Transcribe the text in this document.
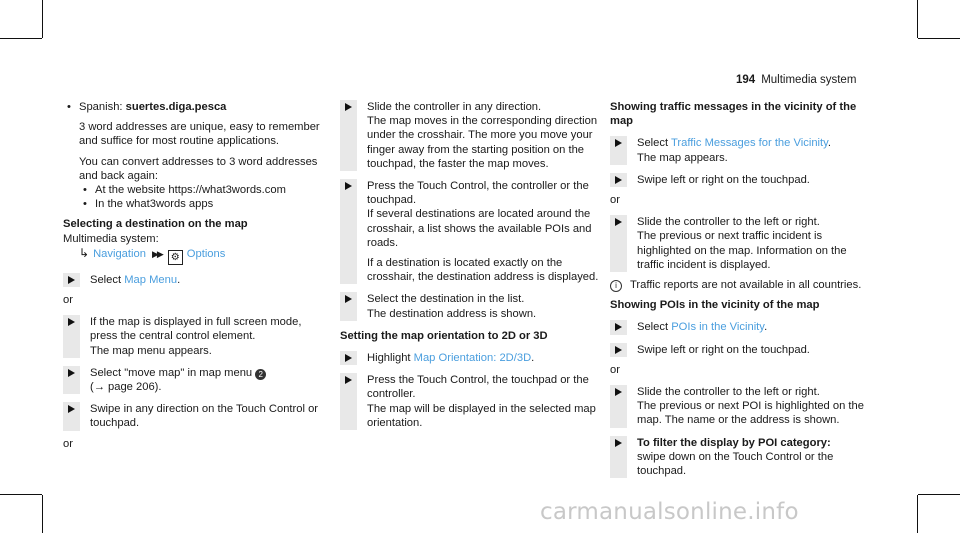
194 Multimedia system

• Spanish: suertes.diga.pesca

3 word addresses are unique, easy to remember and suffice for most routine applications.

You can convert addresses to 3 word addresses and back again:

• At the website https://what3words.com

• In the what3words apps

Selecting a destination on the map

Multimedia system:

↳ Navigation ▶▶ ⚙ Options

Select Map Menu.

or

If the map is displayed in full screen mode, press the central control element.

The map menu appears.

Select "move map" in map menu 2

(→ page 206).

Swipe in any direction on the Touch Control or touchpad.

or

Slide the controller in any direction.

The map moves in the corresponding direction under the crosshair. The more you move your finger away from the starting position on the touchpad, the faster the map moves.

Press the Touch Control, the controller or the touchpad.

If several destinations are located around the crosshair, a list shows the available POIs and roads.

If a destination is located exactly on the crosshair, the destination address is displayed.

Select the destination in the list.

The destination address is shown.

Setting the map orientation to 2D or 3D

Highlight Map Orientation: 2D/3D.

Press the Touch Control, the touchpad or the controller.

The map will be displayed in the selected map orientation.

Showing traffic messages in the vicinity of the map

Select Traffic Messages for the Vicinity.

The map appears.

Swipe left or right on the touchpad.

or

Slide the controller to the left or right.

The previous or next traffic incident is highlighted on the map. Information on the traffic incident is displayed.

i	Traffic reports are not available in all countries.

Showing POIs in the vicinity of the map

Select POIs in the Vicinity.
Swipe left or right on the touchpad.

or

Slide the controller to the left or right.

The previous or next POI is highlighted on the map. The name or the address is shown.

To filter the display by POI category:

swipe down on the Touch Control or the touchpad.

carmanualsonline.info
